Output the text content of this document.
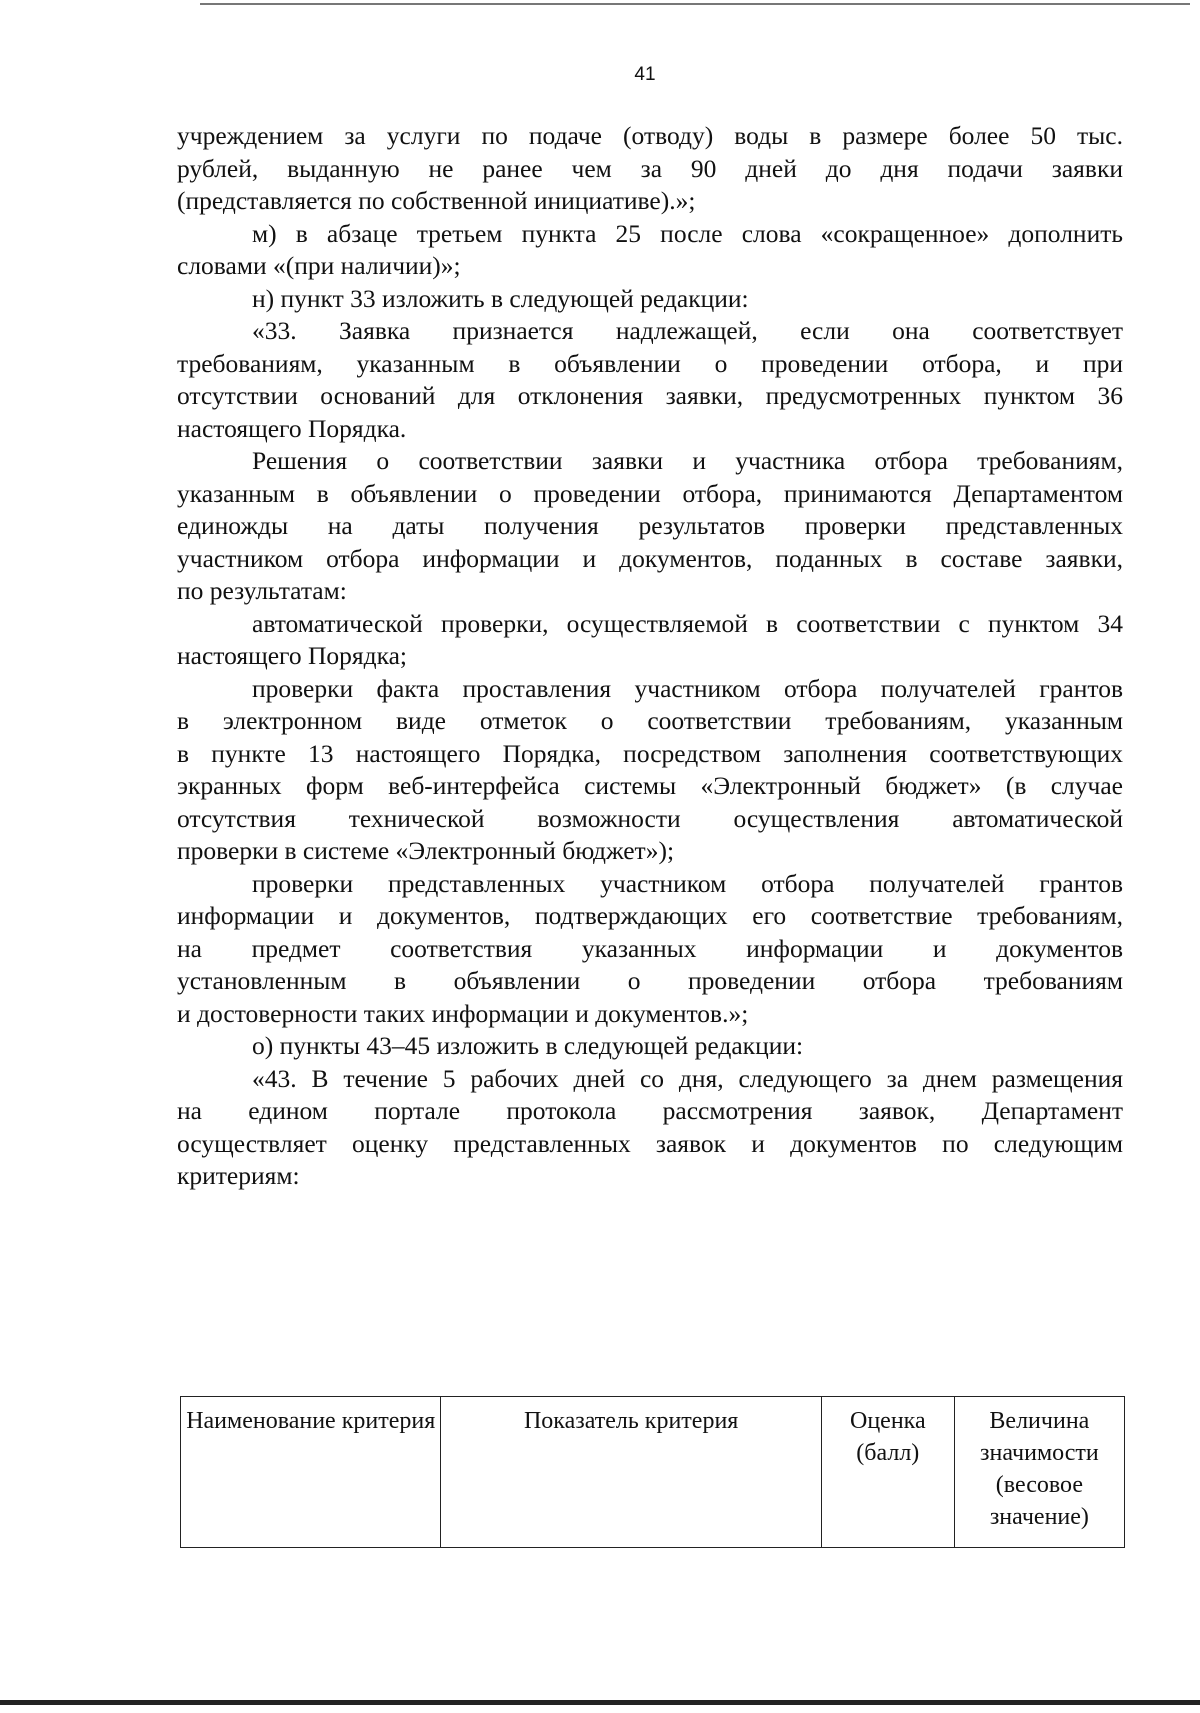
41
учреждением за услуги по подаче (отводу) воды в размере более 50 тыс.
рублей, выданную не ранее чем за 90 дней до дня подачи заявки
(представляется по собственной инициативе).»;
м) в абзаце третьем пункта 25 после слова «сокращенное» дополнить
словами «(при наличии)»;
н) пункт 33 изложить в следующей редакции:
«33. Заявка признается надлежащей, если она соответствует
требованиям, указанным в объявлении о проведении отбора, и при
отсутствии оснований для отклонения заявки, предусмотренных пунктом 36
настоящего Порядка.
Решения о соответствии заявки и участника отбора требованиям,
указанным в объявлении о проведении отбора, принимаются Департаментом
единожды на даты получения результатов проверки представленных
участником отбора информации и документов, поданных в составе заявки,
по результатам:
автоматической проверки, осуществляемой в соответствии с пунктом 34
настоящего Порядка;
проверки факта проставления участником отбора получателей грантов
в электронном виде отметок о соответствии требованиям, указанным
в пункте 13 настоящего Порядка, посредством заполнения соответствующих
экранных форм веб-интерфейса системы «Электронный бюджет» (в случае
отсутствия технической возможности осуществления автоматической
проверки в системе «Электронный бюджет»);
проверки представленных участником отбора получателей грантов
информации и документов, подтверждающих его соответствие требованиям,
на предмет соответствия указанных информации и документов
установленным в объявлении о проведении отбора требованиям
и достоверности таких информации и документов.»;
о) пункты 43–45 изложить в следующей редакции:
«43. В течение 5 рабочих дней со дня, следующего за днем размещения
на едином портале протокола рассмотрения заявок, Департамент
осуществляет оценку представленных заявок и документов по следующим
критериям:
Наименование критерия	Показатель критерия	Оценка (балл)	Величина значимости (весовое значение)
